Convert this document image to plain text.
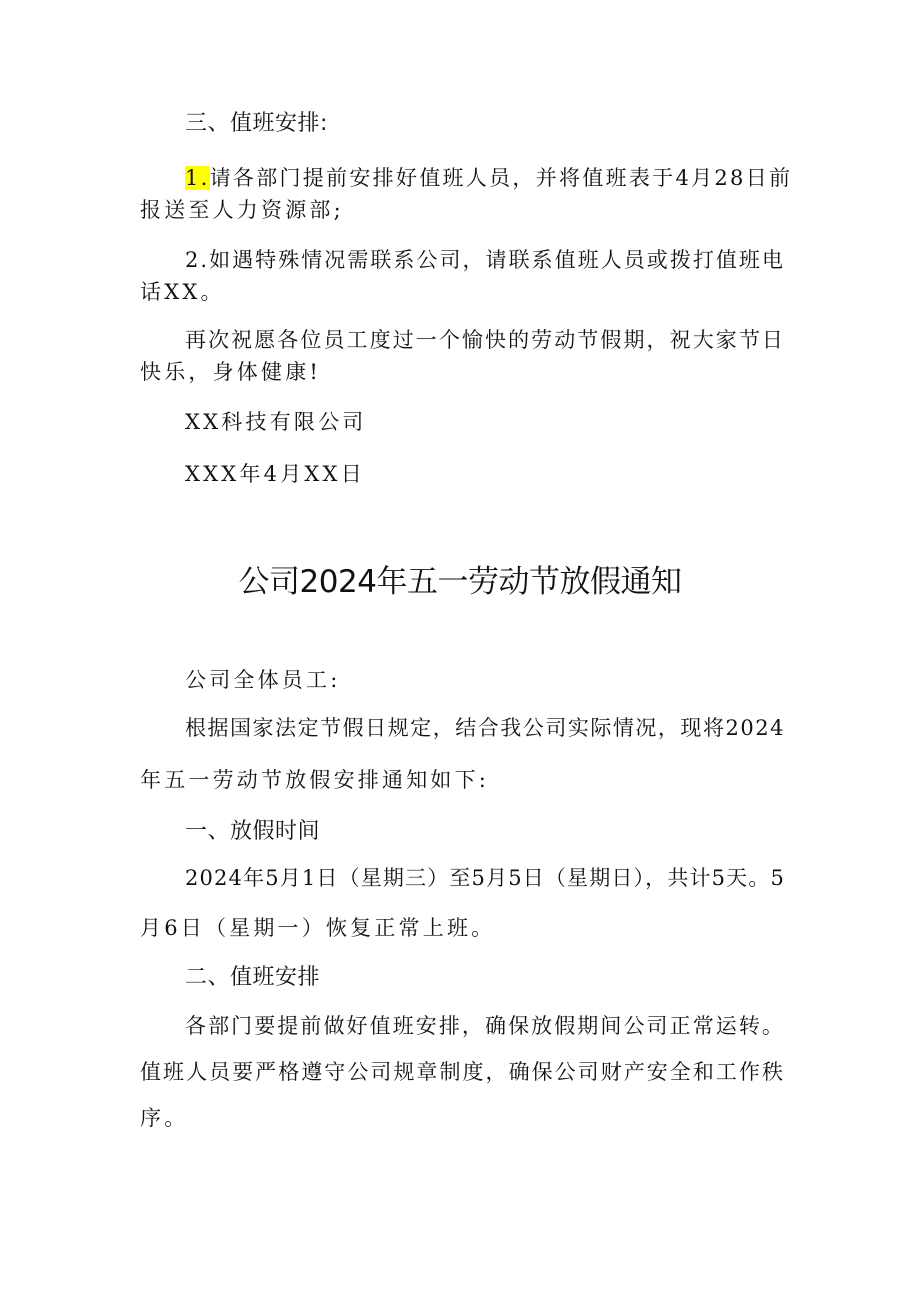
三、值班安排:
1.请各部门提前安排好值班人员，并将值班表于4月28日前
报送至人力资源部;
2.如遇特殊情况需联系公司，请联系值班人员或拨打值班电
话XX。
再次祝愿各位员工度过一个愉快的劳动节假期，祝大家节日
快乐，身体健康!
XX科技有限公司
XXX年4月XX日
公司2024年五一劳动节放假通知
公司全体员工:
根据国家法定节假日规定，结合我公司实际情况，现将2024
年五一劳动节放假安排通知如下:
一、放假时间
2024年5月1日（星期三）至5月5日（星期日），共计5天。5
月6日（星期一）恢复正常上班。
二、值班安排
各部门要提前做好值班安排，确保放假期间公司正常运转。
值班人员要严格遵守公司规章制度，确保公司财产安全和工作秩
序。
